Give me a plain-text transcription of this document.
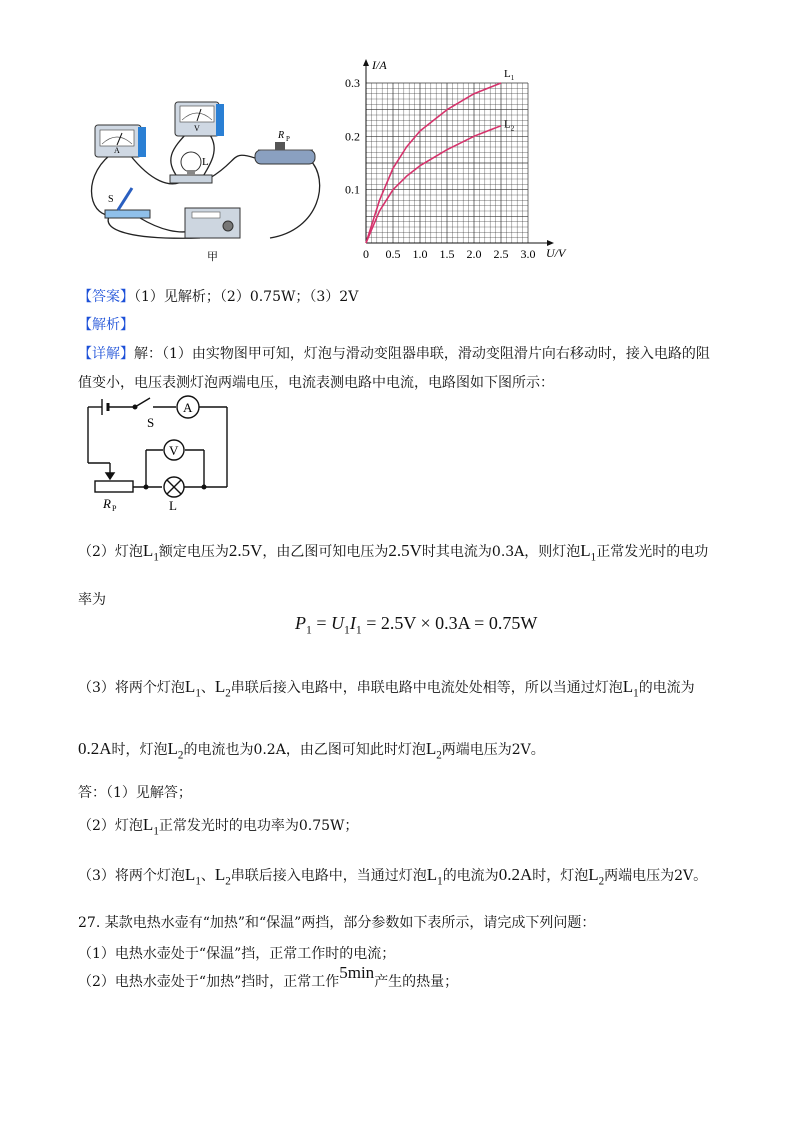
A
V
L
R P
S
甲	0 0.5 1.0 1.5 2.0 2.5 3.0
0.1
0.2
0.3
$L_1$
$L_2$
I/A
U/V
【答案】（1）见解析；（2）0.75W；（3）2V
【解析】
【详解】解：（1）由实物图甲可知，灯泡与滑动变阻器串联，滑动变阻滑片向右移动时，接入电路的阻
值变小，电压表测灯泡两端电压，电流表测电路中电流，电路图如下图所示：
A
V
S
L
R P
（2）灯泡$L_1$额定电压为2.5V，由乙图可知电压为2.5V时其电流为0.3A，则灯泡$L_1$正常发光时的电功
率为
$P_1 = U_1I_1 = 2.5V \times 0.3A = 0.75W$
（3）将两个灯泡$L_1$、$L_2$串联后接入电路中，串联电路中电流处处相等，所以当通过灯泡$L_1$的电流为
0.2A时，灯泡$L_2$的电流也为0.2A，由乙图可知此时灯泡$L_2$两端电压为2V。
答：（1）见解答；
（2）灯泡$L_1$正常发光时的电功率为0.75W；
（3）将两个灯泡$L_1$、$L_2$串联后接入电路中，当通过灯泡$L_1$的电流为0.2A时，灯泡$L_2$两端电压为2V。
27. 某款电热水壶有“加热”和“保温”两挡，部分参数如下表所示，请完成下列问题：
（1）电热水壶处于“保温”挡，正常工作时的电流；
（2）电热水壶处于“加热”挡时，正常工作5min产生的热量；
